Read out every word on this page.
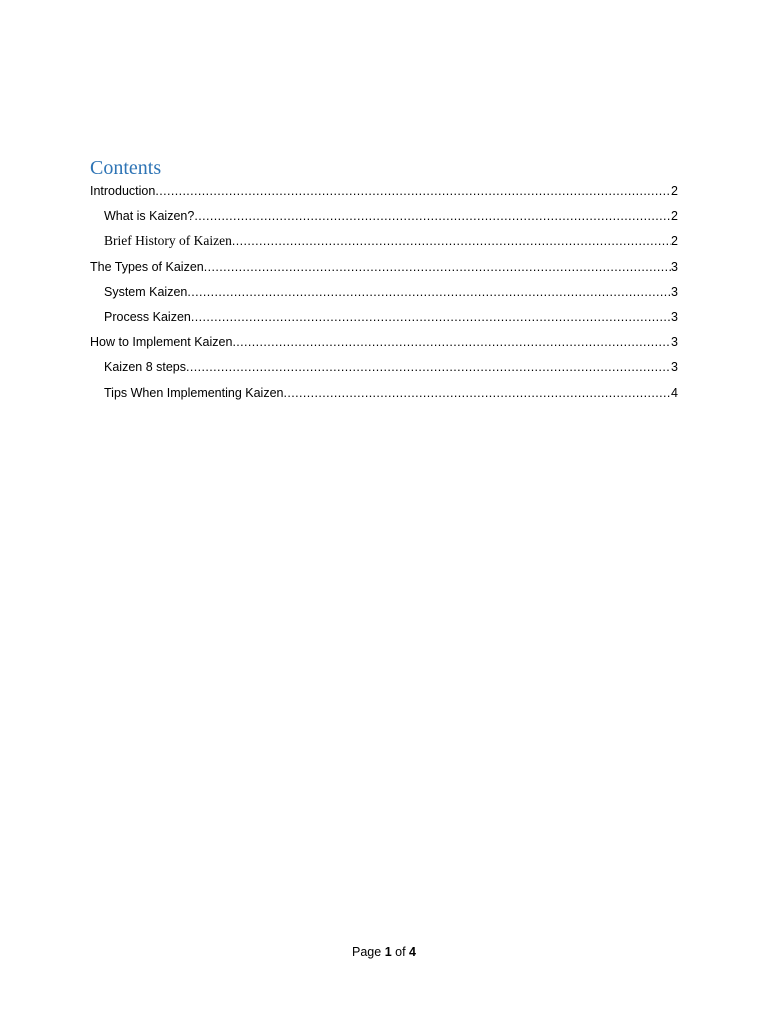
Contents
Introduction .....	2
What is Kaizen? .....	2
Brief History of Kaizen .....	2
The Types of Kaizen .....	3
System Kaizen .....	3
Process Kaizen .....	3
How to Implement Kaizen .....	3
Kaizen 8 steps .....	3
Tips When Implementing Kaizen .....	4
Page 1 of 4
